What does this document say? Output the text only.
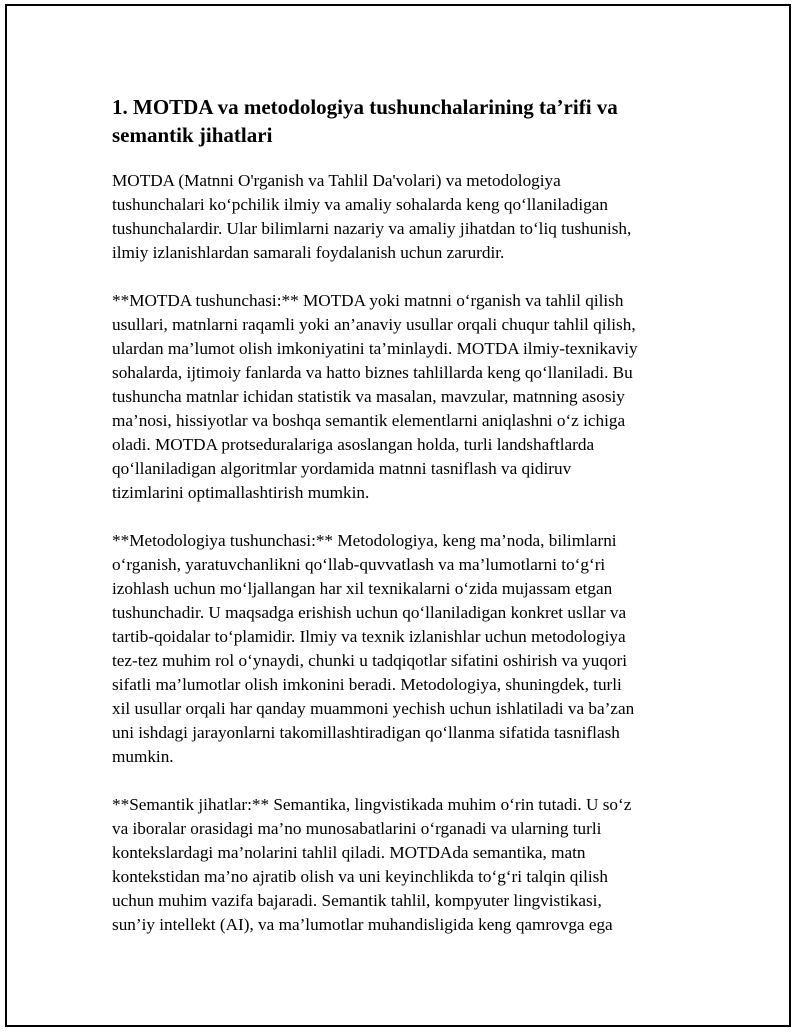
1. MOTDA va metodologiya tushunchalarining ta’rifi va
semantik jihatlari

MOTDA (Matnni O'rganish va Tahlil Da'volari) va metodologiya
tushunchalari ko‘pchilik ilmiy va amaliy sohalarda keng qo‘llaniladigan
tushunchalardir. Ular bilimlarni nazariy va amaliy jihatdan to‘liq tushunish,
ilmiy izlanishlardan samarali foydalanish uchun zarurdir.

**MOTDA tushunchasi:** MOTDA yoki matnni o‘rganish va tahlil qilish
usullari, matnlarni raqamli yoki an’anaviy usullar orqali chuqur tahlil qilish,
ulardan ma’lumot olish imkoniyatini ta’minlaydi. MOTDA ilmiy-texnikaviy
sohalarda, ijtimoiy fanlarda va hatto biznes tahlillarda keng qo‘llaniladi. Bu
tushuncha matnlar ichidan statistik va masalan, mavzular, matnning asosiy
ma’nosi, hissiyotlar va boshqa semantik elementlarni aniqlashni o‘z ichiga
oladi. MOTDA protseduralariga asoslangan holda, turli landshaftlarda
qo‘llaniladigan algoritmlar yordamida matnni tasniflash va qidiruv
tizimlarini optimallashtirish mumkin.

**Metodologiya tushunchasi:** Metodologiya, keng ma’noda, bilimlarni
o‘rganish, yaratuvchanlikni qo‘llab-quvvatlash va ma’lumotlarni to‘g‘ri
izohlash uchun mo‘ljallangan har xil texnikalarni o‘zida mujassam etgan
tushunchadir. U maqsadga erishish uchun qo‘llaniladigan konkret usllar va
tartib-qoidalar to‘plamidir. Ilmiy va texnik izlanishlar uchun metodologiya
tez-tez muhim rol o‘ynaydi, chunki u tadqiqotlar sifatini oshirish va yuqori
sifatli ma’lumotlar olish imkonini beradi. Metodologiya, shuningdek, turli
xil usullar orqali har qanday muammoni yechish uchun ishlatiladi va ba’zan
uni ishdagi jarayonlarni takomillashtiradigan qo‘llanma sifatida tasniflash
mumkin.

**Semantik jihatlar:** Semantika, lingvistikada muhim o‘rin tutadi. U so‘z
va iboralar orasidagi ma’no munosabatlarini o‘rganadi va ularning turli
kontekslardagi ma’nolarini tahlil qiladi. MOTDAda semantika, matn
kontekstidan ma’no ajratib olish va uni keyinchlikda to‘g‘ri talqin qilish
uchun muhim vazifa bajaradi. Semantik tahlil, kompyuter lingvistikasi,
sun’iy intellekt (AI), va ma’lumotlar muhandisligida keng qamrovga ega
